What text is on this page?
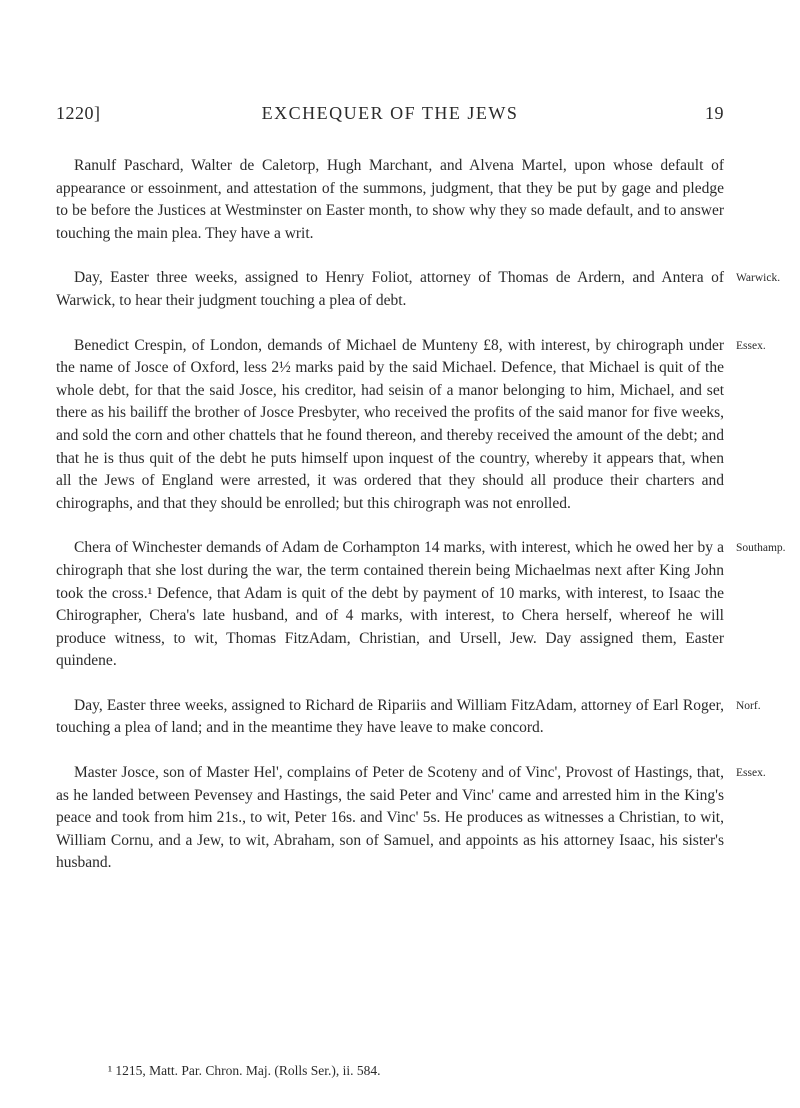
1220]	EXCHEQUER OF THE JEWS	19

Ranulf Paschard, Walter de Caletorp, Hugh Marchant, and Alvena Martel, upon whose default of appearance or essoinment, and attestation of the summons, judgment, that they be put by gage and pledge to be before the Justices at Westminster on Easter month, to show why they so made default, and to answer touching the main plea. They have a writ.

Warwick.

Day, Easter three weeks, assigned to Henry Foliot, attorney of Thomas de Ardern, and Antera of Warwick, to hear their judgment touching a plea of debt.

Essex.

Benedict Crespin, of London, demands of Michael de Munteny £8, with interest, by chirograph under the name of Josce of Oxford, less 2½ marks paid by the said Michael. Defence, that Michael is quit of the whole debt, for that the said Josce, his creditor, had seisin of a manor belonging to him, Michael, and set there as his bailiff the brother of Josce Presbyter, who received the profits of the said manor for five weeks, and sold the corn and other chattels that he found thereon, and thereby received the amount of the debt; and that he is thus quit of the debt he puts himself upon inquest of the country, whereby it appears that, when all the Jews of England were arrested, it was ordered that they should all produce their charters and chirographs, and that they should be enrolled; but this chirograph was not enrolled.

Southamp.

Chera of Winchester demands of Adam de Corhampton 14 marks, with interest, which he owed her by a chirograph that she lost during the war, the term contained therein being Michaelmas next after King John took the cross.¹ Defence, that Adam is quit of the debt by payment of 10 marks, with interest, to Isaac the Chirographer, Chera's late husband, and of 4 marks, with interest, to Chera herself, whereof he will produce witness, to wit, Thomas FitzAdam, Christian, and Ursell, Jew. Day assigned them, Easter quindene.

Norf.

Day, Easter three weeks, assigned to Richard de Ripariis and William FitzAdam, attorney of Earl Roger, touching a plea of land; and in the meantime they have leave to make concord.

Essex.

Master Josce, son of Master Hel', complains of Peter de Scoteny and of Vinc', Provost of Hastings, that, as he landed between Pevensey and Hastings, the said Peter and Vinc' came and arrested him in the King's peace and took from him 21s., to wit, Peter 16s. and Vinc' 5s. He produces as witnesses a Christian, to wit, William Cornu, and a Jew, to wit, Abraham, son of Samuel, and appoints as his attorney Isaac, his sister's husband.

¹ 1215, Matt. Par. Chron. Maj. (Rolls Ser.), ii. 584.
